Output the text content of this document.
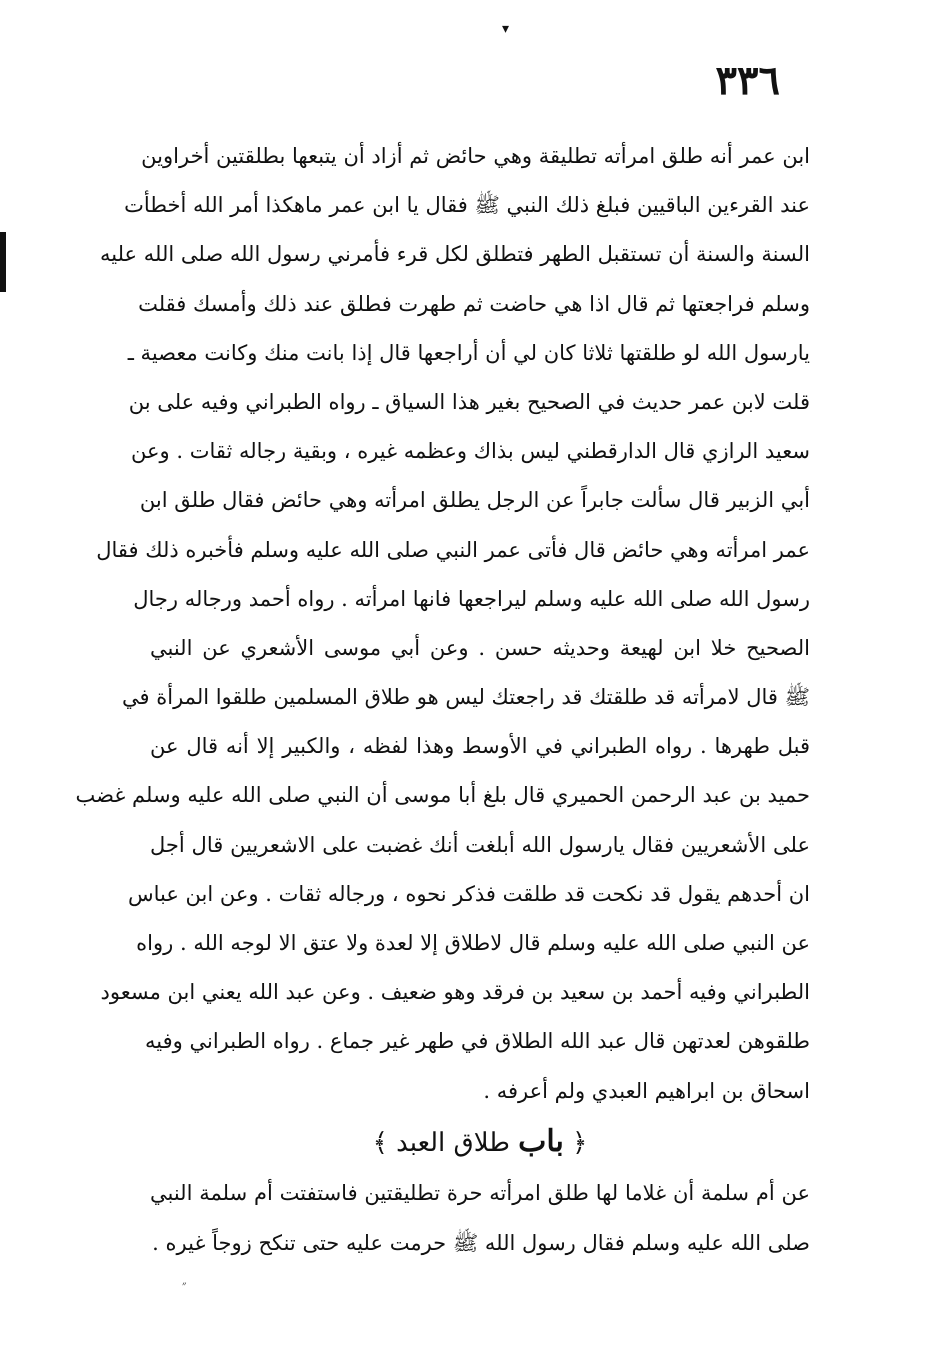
▾
٣٣٦
ابن عمر أنه طلق امرأته تطليقة وهي حائض ثم أزاد أن يتبعها بطلقتين أخراوين
عند القرءين الباقيين فبلغ ذلك النبي ﷺ فقال يا ابن عمر ماهكذا أمر الله أخطأت
السنة والسنة أن تستقبل الطهر فتطلق لكل قرء فأمرني رسول الله صلى الله عليه
وسلم فراجعتها ثم قال اذا هي حاضت ثم طهرت فطلق عند ذلك وأمسك فقلت
يارسول الله لو طلقتها ثلاثا كان لي أن أراجعها قال إذا بانت منك وكانت معصية ـ
قلت لابن عمر حديث في الصحيح بغير هذا السياق ـ رواه الطبراني وفيه على بن
سعيد الرازي قال الدارقطني ليس بذاك وعظمه غيره ، وبقية رجاله ثقات . وعن
أبي الزبير قال سألت جابراً عن الرجل يطلق امرأته وهي حائض فقال طلق ابن
عمر امرأته وهي حائض قال فأتى عمر النبي صلى الله عليه وسلم فأخبره ذلك فقال
رسول الله صلى الله عليه وسلم ليراجعها فانها امرأته . رواه أحمد ورجاله رجال
الصحيح خلا ابن لهيعة وحديثه حسن . وعن أبي موسى الأشعري عن النبي
ﷺ قال لامرأته قد طلقتك قد راجعتك ليس هو طلاق المسلمين طلقوا المرأة في
قبل طهرها . رواه الطبراني في الأوسط وهذا لفظه ، والكبير إلا أنه قال عن
حميد بن عبد الرحمن الحميري قال بلغ أبا موسى أن النبي صلى الله عليه وسلم غضب
على الأشعريين فقال يارسول الله أبلغت أنك غضبت على الاشعريين قال أجل
ان أحدهم يقول قد نكحت قد طلقت فذكر نحوه ، ورجاله ثقات . وعن ابن عباس
عن النبي صلى الله عليه وسلم قال لاطلاق إلا لعدة ولا عتق الا لوجه الله . رواه
الطبراني وفيه أحمد بن سعيد بن فرقد وهو ضعيف . وعن عبد الله يعني ابن مسعود
طلقوهن لعدتهن قال عبد الله الطلاق في طهر غير جماع . رواه الطبراني وفيه
اسحاق بن ابراهيم العبدي ولم أعرفه .
﴿ باب طلاق العبد ﴾
عن أم سلمة أن غلاما لها طلق امرأته حرة تطليقتين فاستفتت أم سلمة النبي
صلى الله عليه وسلم فقال رسول الله ﷺ حرمت عليه حتى تنكح زوجاً غيره .
״
